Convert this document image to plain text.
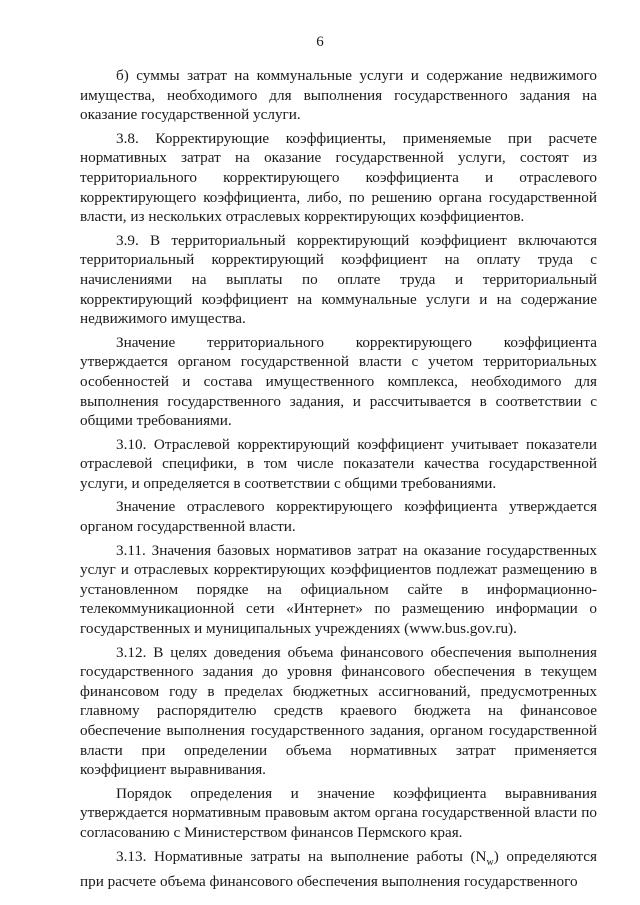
6

б) суммы затрат на коммунальные услуги и содержание недвижимого имущества, необходимого для выполнения государственного задания на оказание государственной услуги.

3.8. Корректирующие коэффициенты, применяемые при расчете нормативных затрат на оказание государственной услуги, состоят из территориального корректирующего коэффициента и отраслевого корректирующего коэффициента, либо, по решению органа государственной власти, из нескольких отраслевых корректирующих коэффициентов.

3.9. В территориальный корректирующий коэффициент включаются территориальный корректирующий коэффициент на оплату труда с начислениями на выплаты по оплате труда и территориальный корректирующий коэффициент на коммунальные услуги и на содержание недвижимого имущества.

Значение территориального корректирующего коэффициента утверждается органом государственной власти с учетом территориальных особенностей и состава имущественного комплекса, необходимого для выполнения государственного задания, и рассчитывается в соответствии с общими требованиями.

3.10. Отраслевой корректирующий коэффициент учитывает показатели отраслевой специфики, в том числе показатели качества государственной услуги, и определяется в соответствии с общими требованиями.

Значение отраслевого корректирующего коэффициента утверждается органом государственной власти.

3.11. Значения базовых нормативов затрат на оказание государственных услуг и отраслевых корректирующих коэффициентов подлежат размещению в установленном порядке на официальном сайте в информационно-телекоммуникационной сети «Интернет» по размещению информации о государственных и муниципальных учреждениях (www.bus.gov.ru).

3.12. В целях доведения объема финансового обеспечения выполнения государственного задания до уровня финансового обеспечения в текущем финансовом году в пределах бюджетных ассигнований, предусмотренных главному распорядителю средств краевого бюджета на финансовое обеспечение выполнения государственного задания, органом государственной власти при определении объема нормативных затрат применяется коэффициент выравнивания.

Порядок определения и значение коэффициента выравнивания утверждается нормативным правовым актом органа государственной власти по согласованию с Министерством финансов Пермского края.

3.13. Нормативные затраты на выполнение работы $(N_w)$ определяются при расчете объема финансового обеспечения выполнения государственного
